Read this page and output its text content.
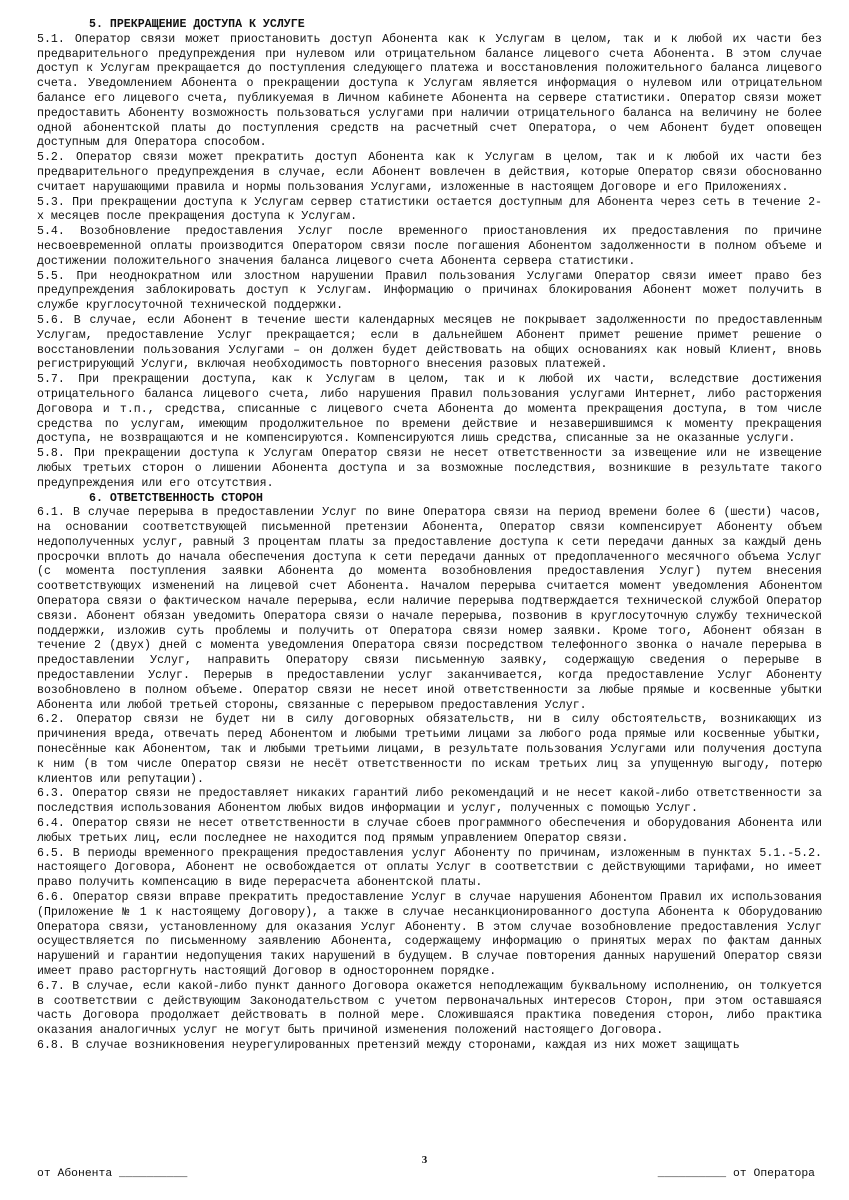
5. ПРЕКРАЩЕНИЕ ДОСТУПА К УСЛУГЕ

5.1. Оператор связи может приостановить доступ Абонента как к Услугам в целом, так и к любой их части без предварительного предупреждения при нулевом или отрицательном балансе лицевого счета Абонента. В этом случае доступ к Услугам прекращается до поступления следующего платежа и восстановления положительного баланса лицевого счета. Уведомлением Абонента о прекращении доступа к Услугам является информация о нулевом или отрицательном балансе его лицевого счета, публикуемая в Личном кабинете Абонента на сервере статистики. Оператор связи может предоставить Абоненту возможность пользоваться услугами при наличии отрицательного баланса на величину не более одной абонентской платы до поступления средств на расчетный счет Оператора, о чем Абонент будет оповещен доступным для Оператора способом.

5.2. Оператор связи может прекратить доступ Абонента как к Услугам в целом, так и к любой их части без предварительного предупреждения в случае, если Абонент вовлечен в действия, которые Оператор связи обоснованно считает нарушающими правила и нормы пользования Услугами, изложенные в настоящем Договоре и его Приложениях.

5.3. При прекращении доступа к Услугам сервер статистики остается доступным для Абонента через сеть в течение 2-х месяцев после прекращения доступа к Услугам.

5.4. Возобновление предоставления Услуг после временного приостановления их предоставления по причине несвоевременной оплаты производится Оператором связи после погашения Абонентом задолженности в полном объеме и достижении положительного значения баланса лицевого счета Абонента сервера статистики.

5.5. При неоднократном или злостном нарушении Правил пользования Услугами Оператор связи имеет право без предупреждения заблокировать доступ к Услугам. Информацию о причинах блокирования Абонент может получить в службе круглосуточной технической поддержки.

5.6. В случае, если Абонент в течение шести календарных месяцев не покрывает задолженности по предоставленным Услугам, предоставление Услуг прекращается; если в дальнейшем Абонент примет решение примет решение о восстановлении пользования Услугами – он должен будет действовать на общих основаниях как новый Клиент, вновь регистрирующий Услуги, включая необходимость повторного внесения разовых платежей.

5.7. При прекращении доступа, как к Услугам в целом, так и к любой их части, вследствие достижения отрицательного баланса лицевого счета, либо нарушения Правил пользования услугами Интернет, либо расторжения Договора и т.п., средства, списанные с лицевого счета Абонента до момента прекращения доступа, в том числе средства по услугам, имеющим продолжительное по времени действие и незавершившимся к моменту прекращения доступа, не возвращаются и не компенсируются. Компенсируются лишь средства, списанные за не оказанные услуги.

5.8. При прекращении доступа к Услугам Оператор связи не несет ответственности за извещение или не извещение любых третьих сторон о лишении Абонента доступа и за возможные последствия, возникшие в результате такого предупреждения или его отсутствия.

6. ОТВЕТСТВЕННОСТЬ СТОРОН

6.1. В случае перерыва в предоставлении Услуг по вине Оператора связи на период времени более 6 (шести) часов, на основании соответствующей письменной претензии Абонента, Оператор связи компенсирует Абоненту объем недополученных услуг, равный 3 процентам платы за предоставление доступа к сети передачи данных за каждый день просрочки вплоть до начала обеспечения доступа к сети передачи данных от предоплаченного месячного объема Услуг (с момента поступления заявки Абонента до момента возобновления предоставления Услуг) путем внесения соответствующих изменений на лицевой счет Абонента. Началом перерыва считается момент уведомления Абонентом Оператора связи о фактическом начале перерыва, если наличие перерыва подтверждается технической службой Оператор связи. Абонент обязан уведомить Оператора связи о начале перерыва, позвонив в круглосуточную службу технической поддержки, изложив суть проблемы и получить от Оператора связи номер заявки. Кроме того, Абонент обязан в течение 2 (двух) дней с момента уведомления Оператора связи посредством телефонного звонка о начале перерыва в предоставлении Услуг, направить Оператору связи письменную заявку, содержащую сведения о перерыве в предоставлении Услуг. Перерыв в предоставлении услуг заканчивается, когда предоставление Услуг Абоненту возобновлено в полном объеме. Оператор связи не несет иной ответственности за любые прямые и косвенные убытки Абонента или любой третьей стороны, связанные с перерывом предоставления Услуг.

6.2. Оператор связи не будет ни в силу договорных обязательств, ни в силу обстоятельств, возникающих из причинения вреда, отвечать перед Абонентом и любыми третьими лицами за любого рода прямые или косвенные убытки, понесённые как Абонентом, так и любыми третьими лицами, в результате пользования Услугами или получения доступа к ним (в том числе Оператор связи не несёт ответственности по искам третьих лиц за упущенную выгоду, потерю клиентов или репутации).

6.3. Оператор связи не предоставляет никаких гарантий либо рекомендаций и не несет какой-либо ответственности за последствия использования Абонентом любых видов информации и услуг, полученных с помощью Услуг.

6.4. Оператор связи не несет ответственности в случае сбоев программного обеспечения и оборудования Абонента или любых третьих лиц, если последнее не находится под прямым управлением Оператор связи.

6.5. В периоды временного прекращения предоставления услуг Абоненту по причинам, изложенным в пунктах 5.1.-5.2. настоящего Договора, Абонент не освобождается от оплаты Услуг в соответствии с действующими тарифами, но имеет право получить компенсацию в виде перерасчета абонентской платы.

6.6. Оператор связи вправе прекратить предоставление Услуг в случае нарушения Абонентом Правил их использования (Приложение № 1 к настоящему Договору), а также в случае несанкционированного доступа Абонента к Оборудованию Оператора связи, установленному для оказания Услуг Абоненту. В этом случае возобновление предоставления Услуг осуществляется по письменному заявлению Абонента, содержащему информацию о принятых мерах по фактам данных нарушений и гарантии недопущения таких нарушений в будущем. В случае повторения данных нарушений Оператор связи имеет право расторгнуть настоящий Договор в одностороннем порядке.

6.7. В случае, если какой-либо пункт данного Договора окажется неподлежащим буквальному исполнению, он толкуется в соответствии с действующим Законодательством с учетом первоначальных интересов Сторон, при этом оставшаяся часть Договора продолжает действовать в полной мере. Сложившаяся практика поведения сторон, либо практика оказания аналогичных услуг не могут быть причиной изменения положений настоящего Договора.

6.8. В случае возникновения неурегулированных претензий между сторонами, каждая из них может защищать

3
от Абонента __________	__________ от Оператора
